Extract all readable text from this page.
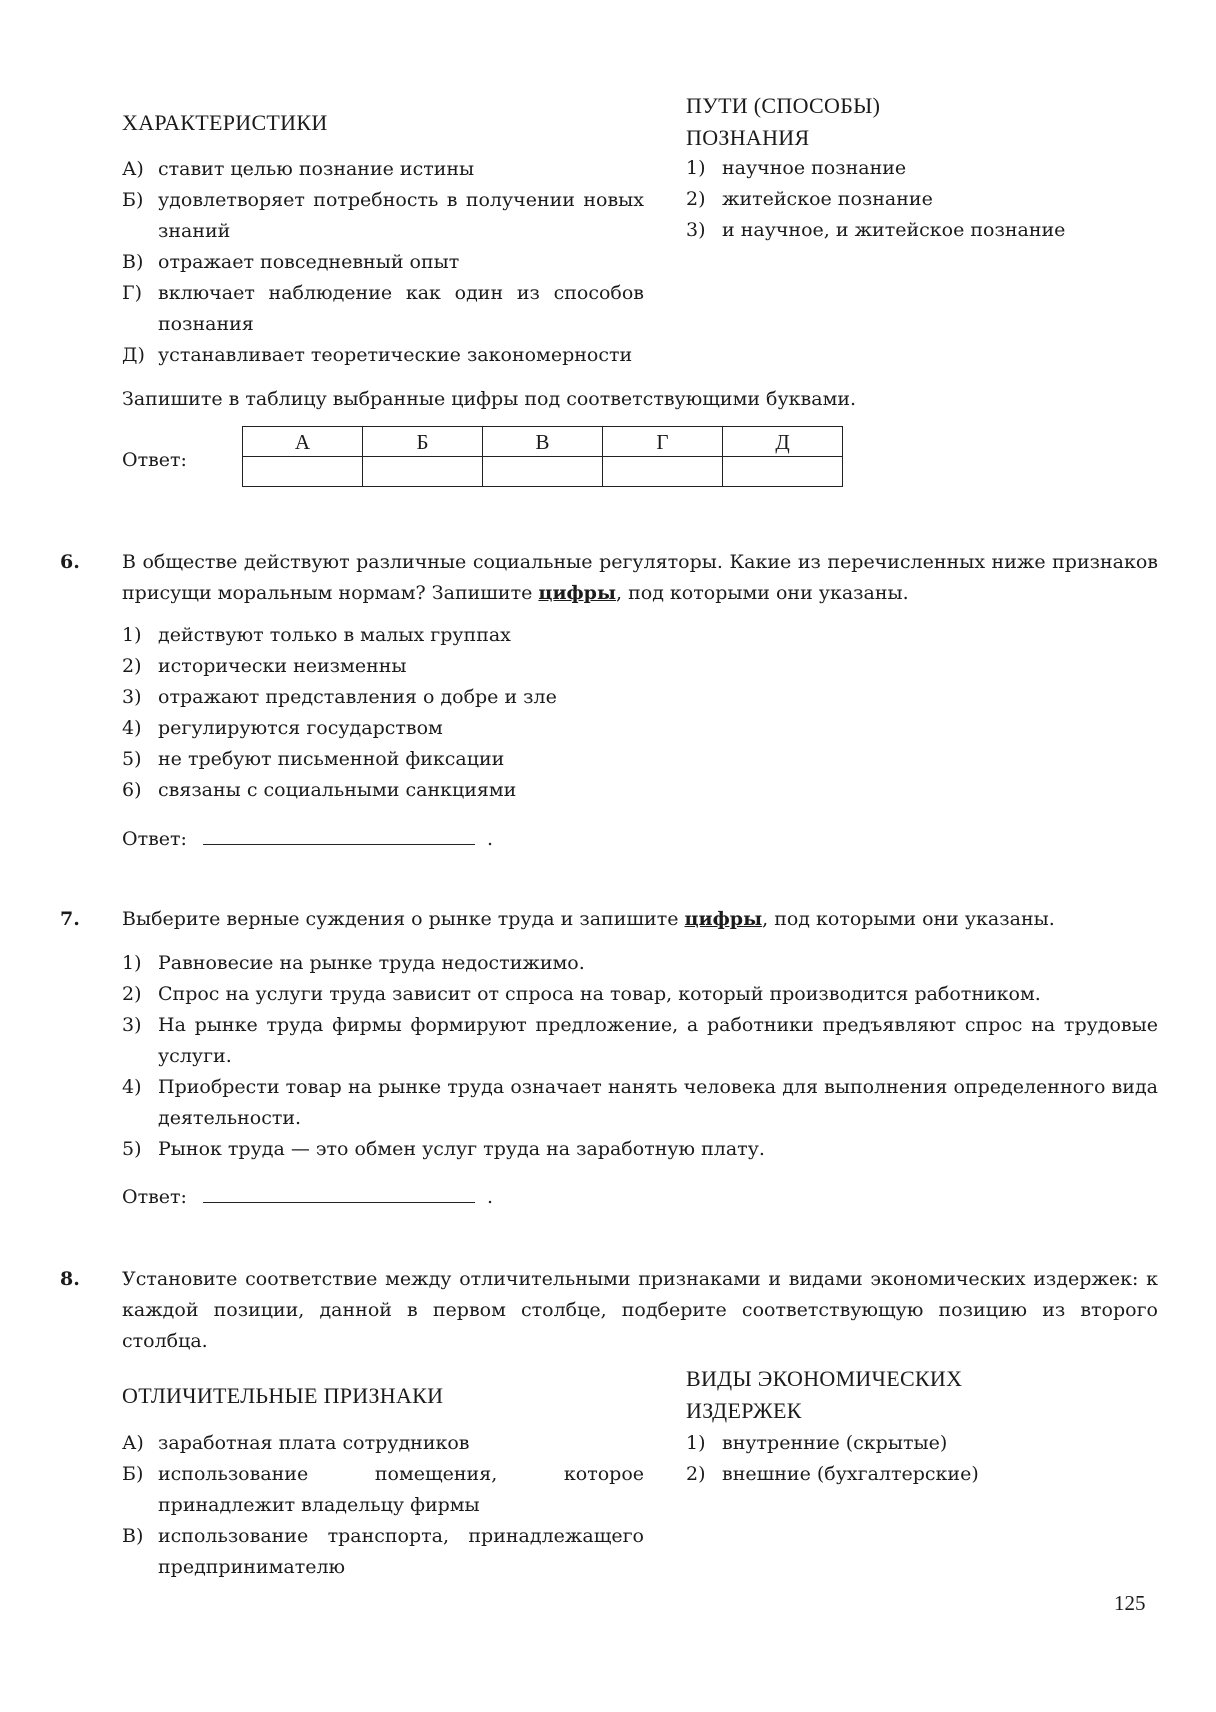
ХАРАКТЕРИСТИКИ
ПУТИ (СПОСОБЫ)
ПОЗНАНИЯ
А) ставит целью познание истины
Б) удовлетворяет потребность в получении новых знаний
В) отражает повседневный опыт
Г) включает наблюдение как один из способов познания
Д) устанавливает теоретические закономерности
1) научное познание
2) житейское познание
3) и научное, и житейское познание
Запишите в таблицу выбранные цифры под соответствующими буквами.
Ответ:
А	Б	В	Г	Д

6. В обществе действуют различные социальные регуляторы. Какие из перечисленных ниже признаков присущи моральным нормам? Запишите цифры, под которыми они указаны.
1) действуют только в малых группах
2) исторически неизменны
3) отражают представления о добре и зле
4) регулируются государством
5) не требуют письменной фиксации
6) связаны с социальными санкциями
Ответ:	.
7. Выберите верные суждения о рынке труда и запишите цифры, под которыми они указаны.
1) Равновесие на рынке труда недостижимо.
2) Спрос на услуги труда зависит от спроса на товар, который производится работником.
3) На рынке труда фирмы формируют предложение, а работники предъявляют спрос на трудовые услуги.
4) Приобрести товар на рынке труда означает нанять человека для выполнения определенного вида деятельности.
5) Рынок труда — это обмен услуг труда на заработную плату.
Ответ:	.
8. Установите соответствие между отличительными признаками и видами экономических издержек: к каждой позиции, данной в первом столбце, подберите соответствующую позицию из второго столбца.
ОТЛИЧИТЕЛЬНЫЕ ПРИЗНАКИ
ВИДЫ ЭКОНОМИЧЕСКИХ
ИЗДЕРЖЕК
А) заработная плата сотрудников
Б) использование помещения, которое принадлежит владельцу фирмы
В) использование транспорта, принадлежащего предпринимателю
1) внутренние (скрытые)
2) внешние (бухгалтерские)
125
